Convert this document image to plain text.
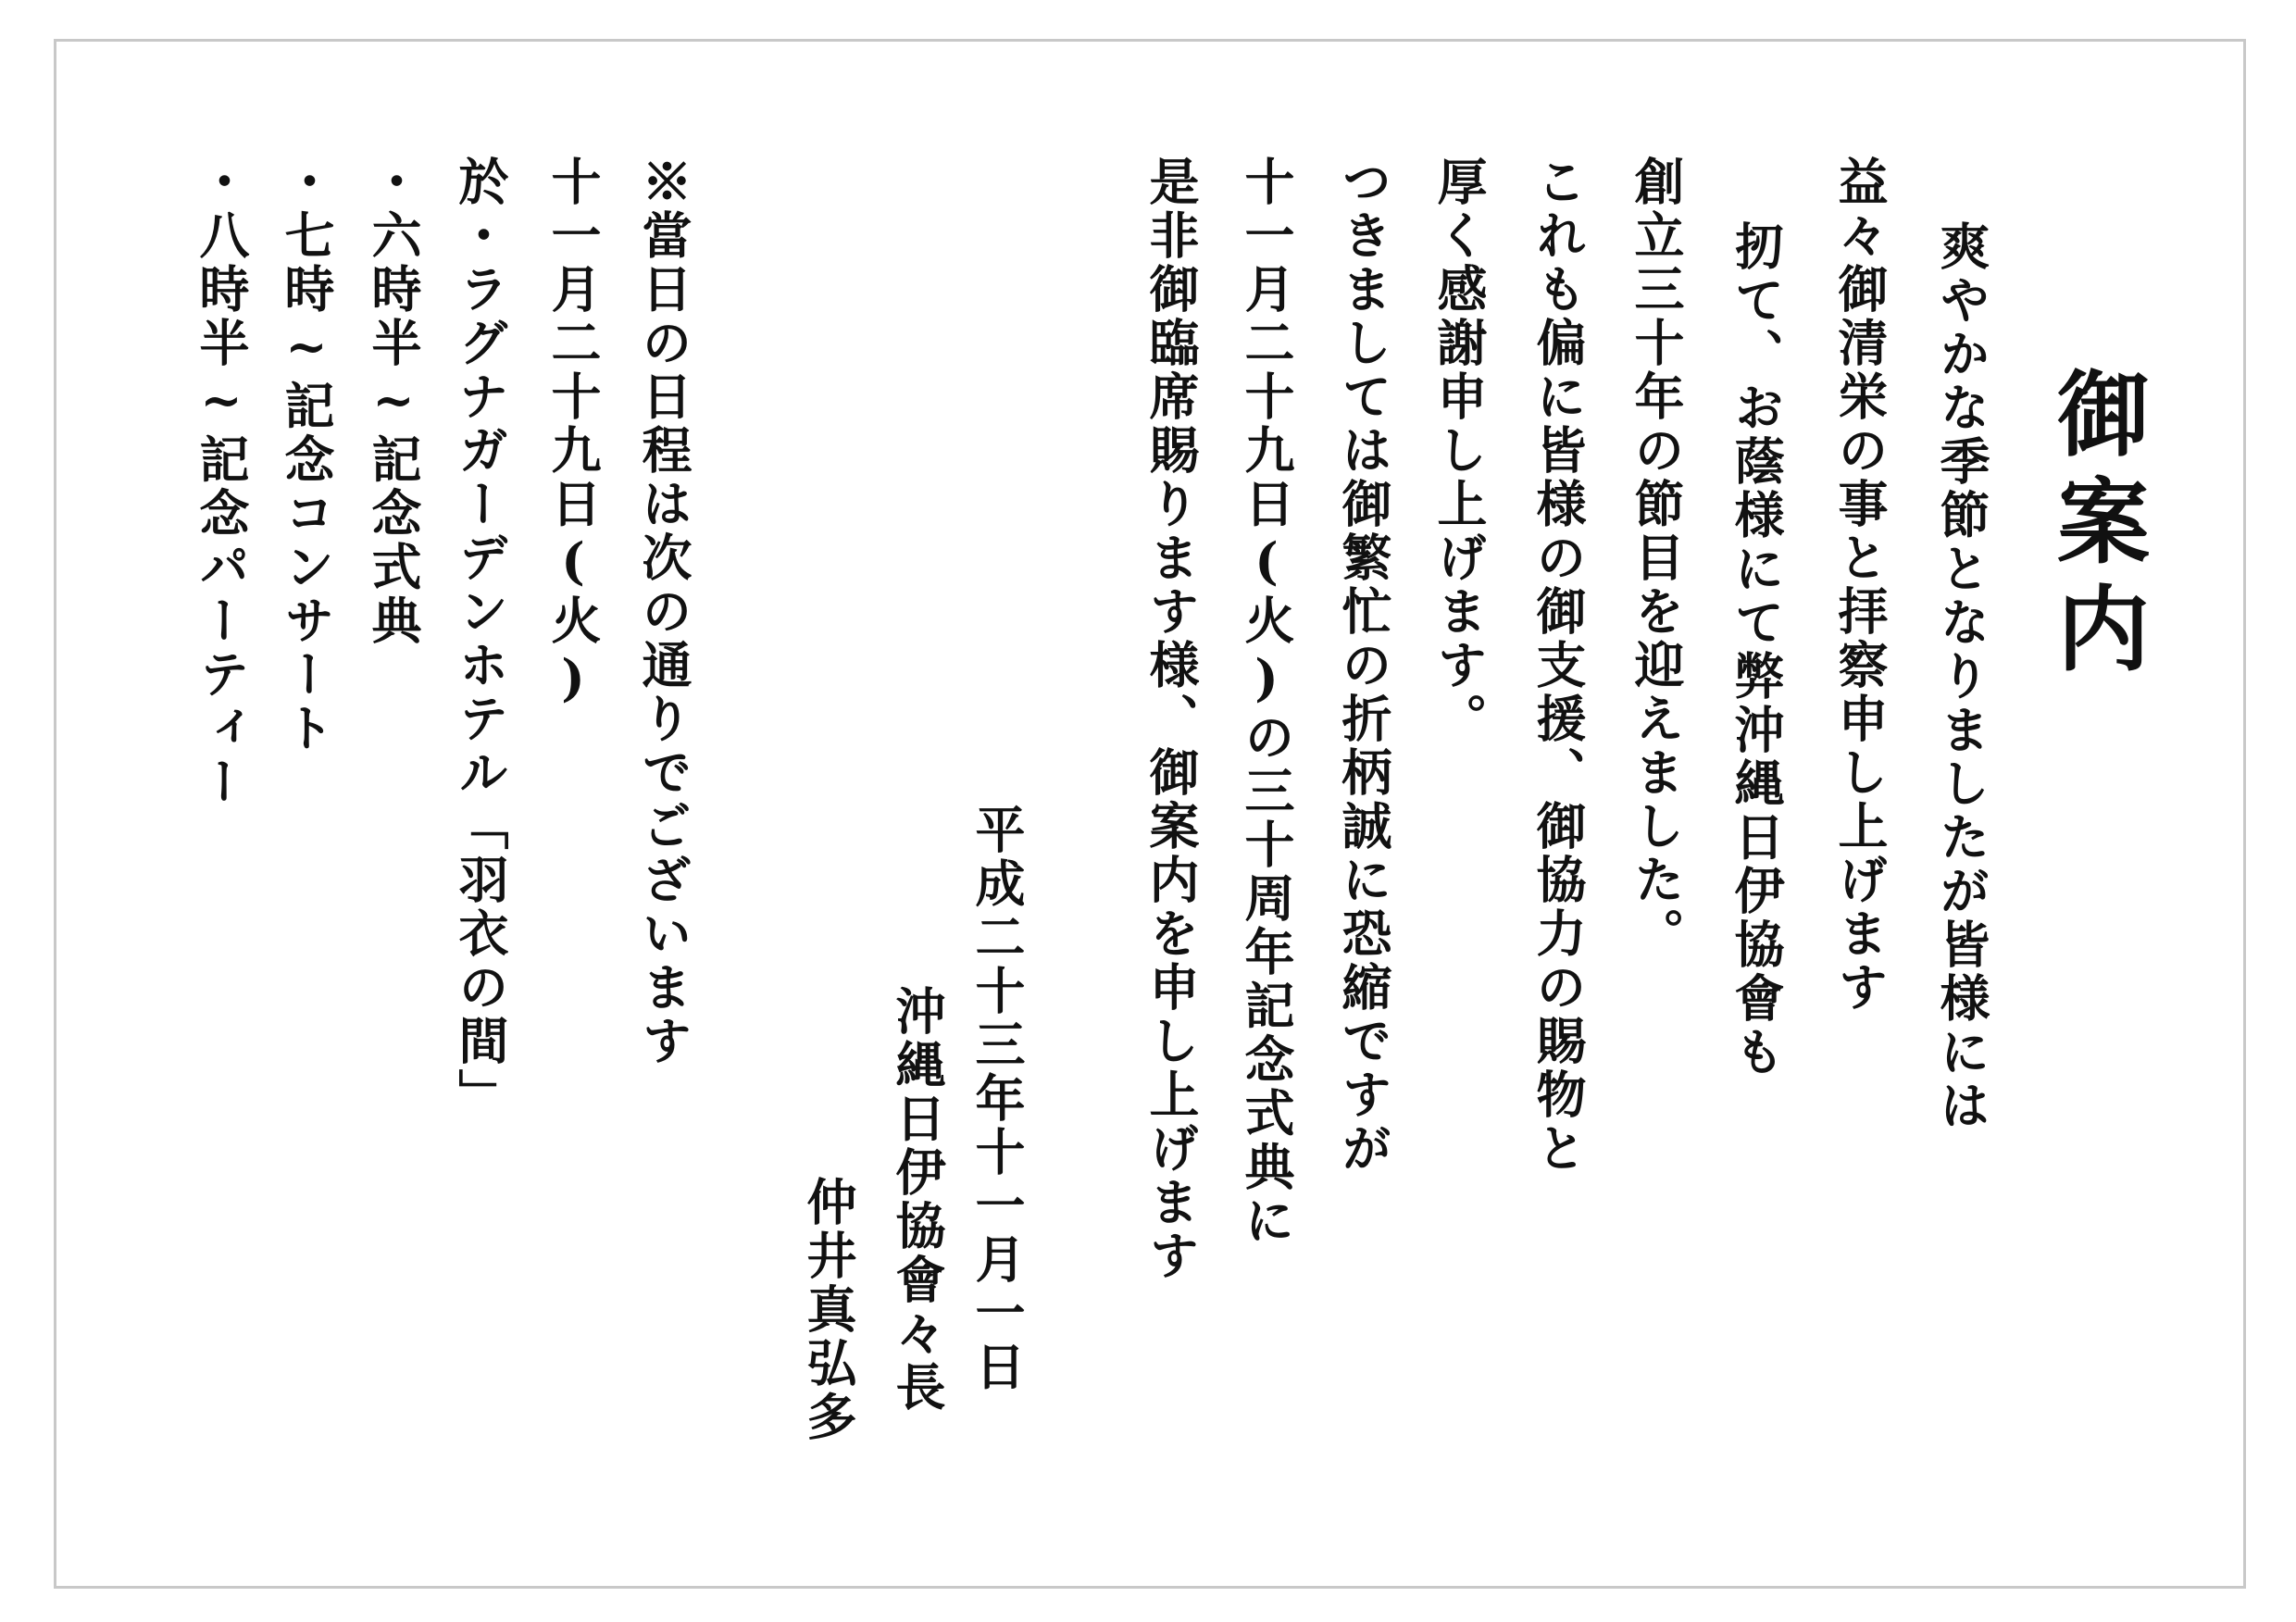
御案内
爽やかな季節となりましたが皆様には
益々御清栄の事と拝察申し上げます
扨て、お蔭様にて弊沖縄日伊協會も
創立三十年の節目を迎えました。
これも偏に皆様の御支援、御協力の賜物と
厚く感謝申し上げます。
つきましては御繁忙の折柄誠に恐縮ですが
十一月二十九日(火)の三十周年記念式典に
是非御臨席賜ります様、御案内を申し上げます
平成二十三年十一月一日
沖縄日伊協會々長
仲井真弘多
※當日の日程は次の通りでございます
十一月二十九日(火)
於・ラグナガーデンホテル「羽衣の間」
・六時半~記念式典
・七時~記念コンサート
・八時半~記念パーティー
